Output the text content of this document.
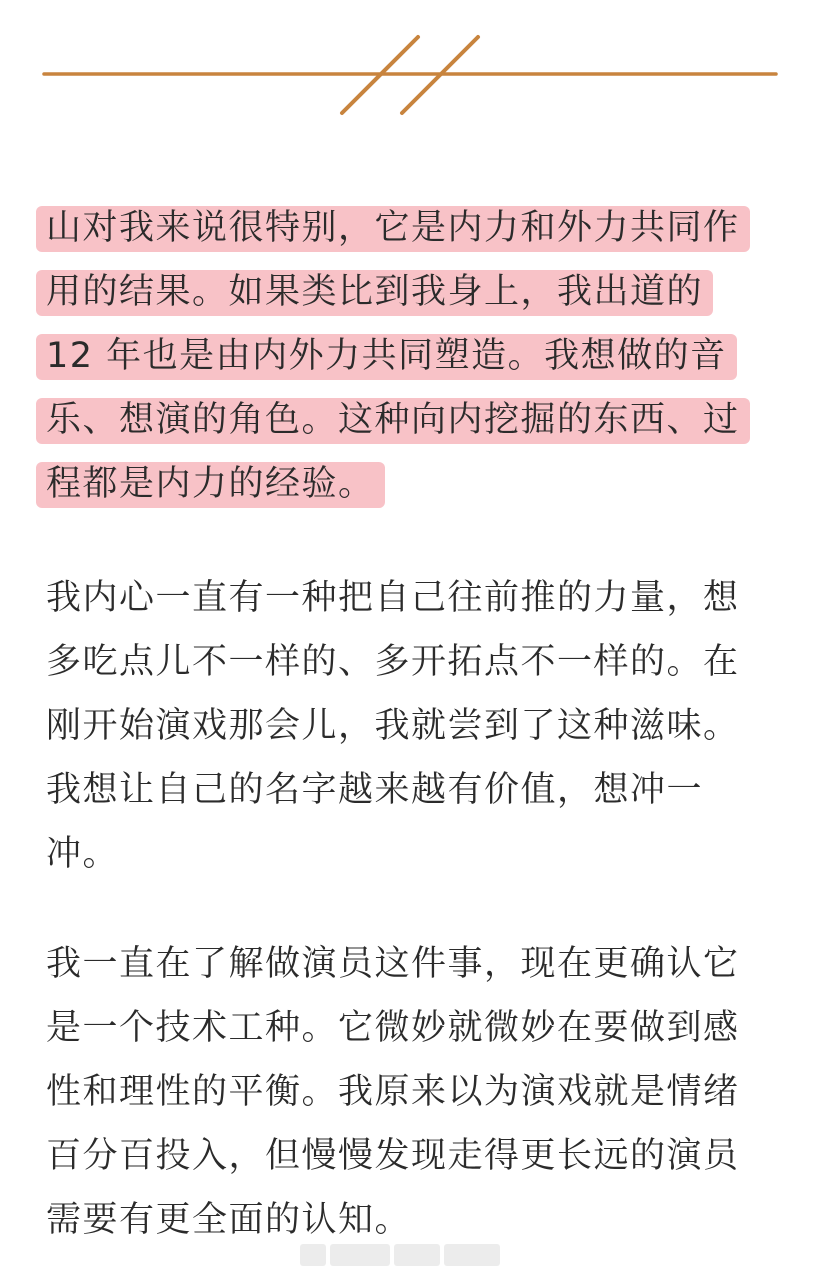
山对我来说很特别，它是内力和外力共同作
用的结果。如果类比到我身上，我出道的
12 年也是由内外力共同塑造。我想做的音
乐、想演的角色。这种向内挖掘的东西、过
程都是内力的经验。
我内心一直有一种把自己往前推的力量，想
多吃点儿不一样的、多开拓点不一样的。在
刚开始演戏那会儿，我就尝到了这种滋味。
我想让自己的名字越来越有价值，想冲一
冲。
我一直在了解做演员这件事，现在更确认它
是一个技术工种。它微妙就微妙在要做到感
性和理性的平衡。我原来以为演戏就是情绪
百分百投入，但慢慢发现走得更长远的演员
需要有更全面的认知。
